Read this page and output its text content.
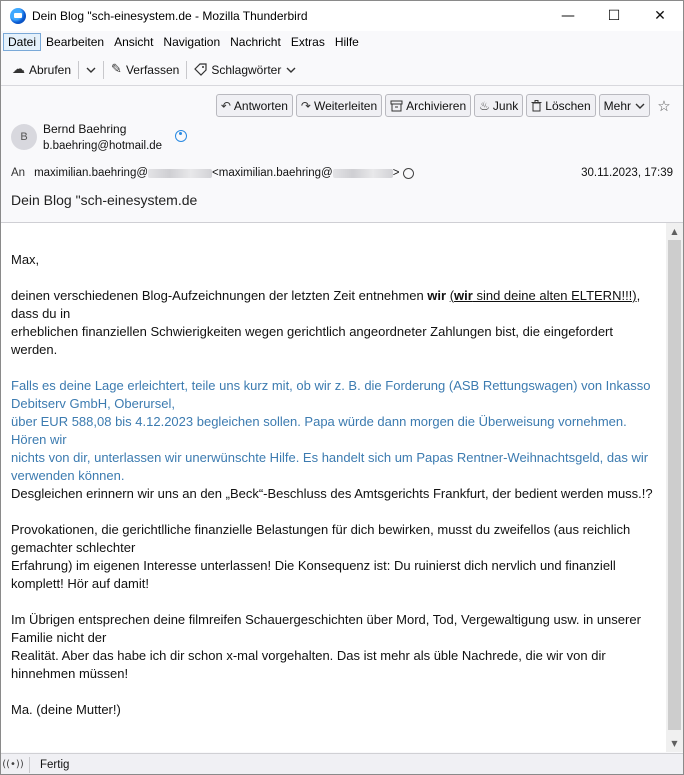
Dein Blog "sch-einesystem.de - Mozilla Thunderbird	—	☐	✕
Datei Bearbeiten Ansicht Navigation Nachricht Extras Hilfe
☁ Abrufen	✎ Verfassen	Schlagwörter
↶ Antworten ↷ Weiterleiten Archivieren ♨ Junk Löschen Mehr ☆
B
Bernd Baehring
b.baehring@hotmail.de
An maximilian.baehring@	<maximilian.baehring@	>	30.11.2023, 17:39
Dein Blog "sch-einesystem.de

Max,

deinen verschiedenen Blog-Aufzeichnungen der letzten Zeit entnehmen wir (wir sind deine alten ELTERN!!!), dass du in

erheblichen finanziellen Schwierigkeiten wegen gerichtlich angeordneter Zahlungen bist, die eingefordert werden.

Falls es deine Lage erleichtert, teile uns kurz mit, ob wir z. B. die Forderung (ASB Rettungswagen) von Inkasso Debitserv GmbH, Oberursel,

über EUR 588,08 bis 4.12.2023 begleichen sollen. Papa würde dann morgen die Überweisung vornehmen. Hören wir

nichts von dir, unterlassen wir unerwünschte Hilfe. Es handelt sich um Papas Rentner-Weihnachtsgeld, das wir verwenden können.

Desgleichen erinnern wir uns an den „Beck“-Beschluss des Amtsgerichts Frankfurt, der bedient werden muss.!?

Provokationen, die gerichtlliche finanzielle Belastungen für dich bewirken, musst du zweifellos (aus reichlich gemachter schlechter

Erfahrung) im eigenen Interesse unterlassen! Die Konsequenz ist: Du ruinierst dich nervlich und finanziell komplett! Hör auf damit!

Im Übrigen entsprechen deine filmreifen Schauergeschichten über Mord, Tod, Vergewaltigung usw. in unserer Familie nicht der

Realität. Aber das habe ich dir schon x-mal vorgehalten. Das ist mehr als üble Nachrede, die wir von dir hinnehmen müssen!

Ma. (deine Mutter!)

▲
▼
((•)) Fertig
